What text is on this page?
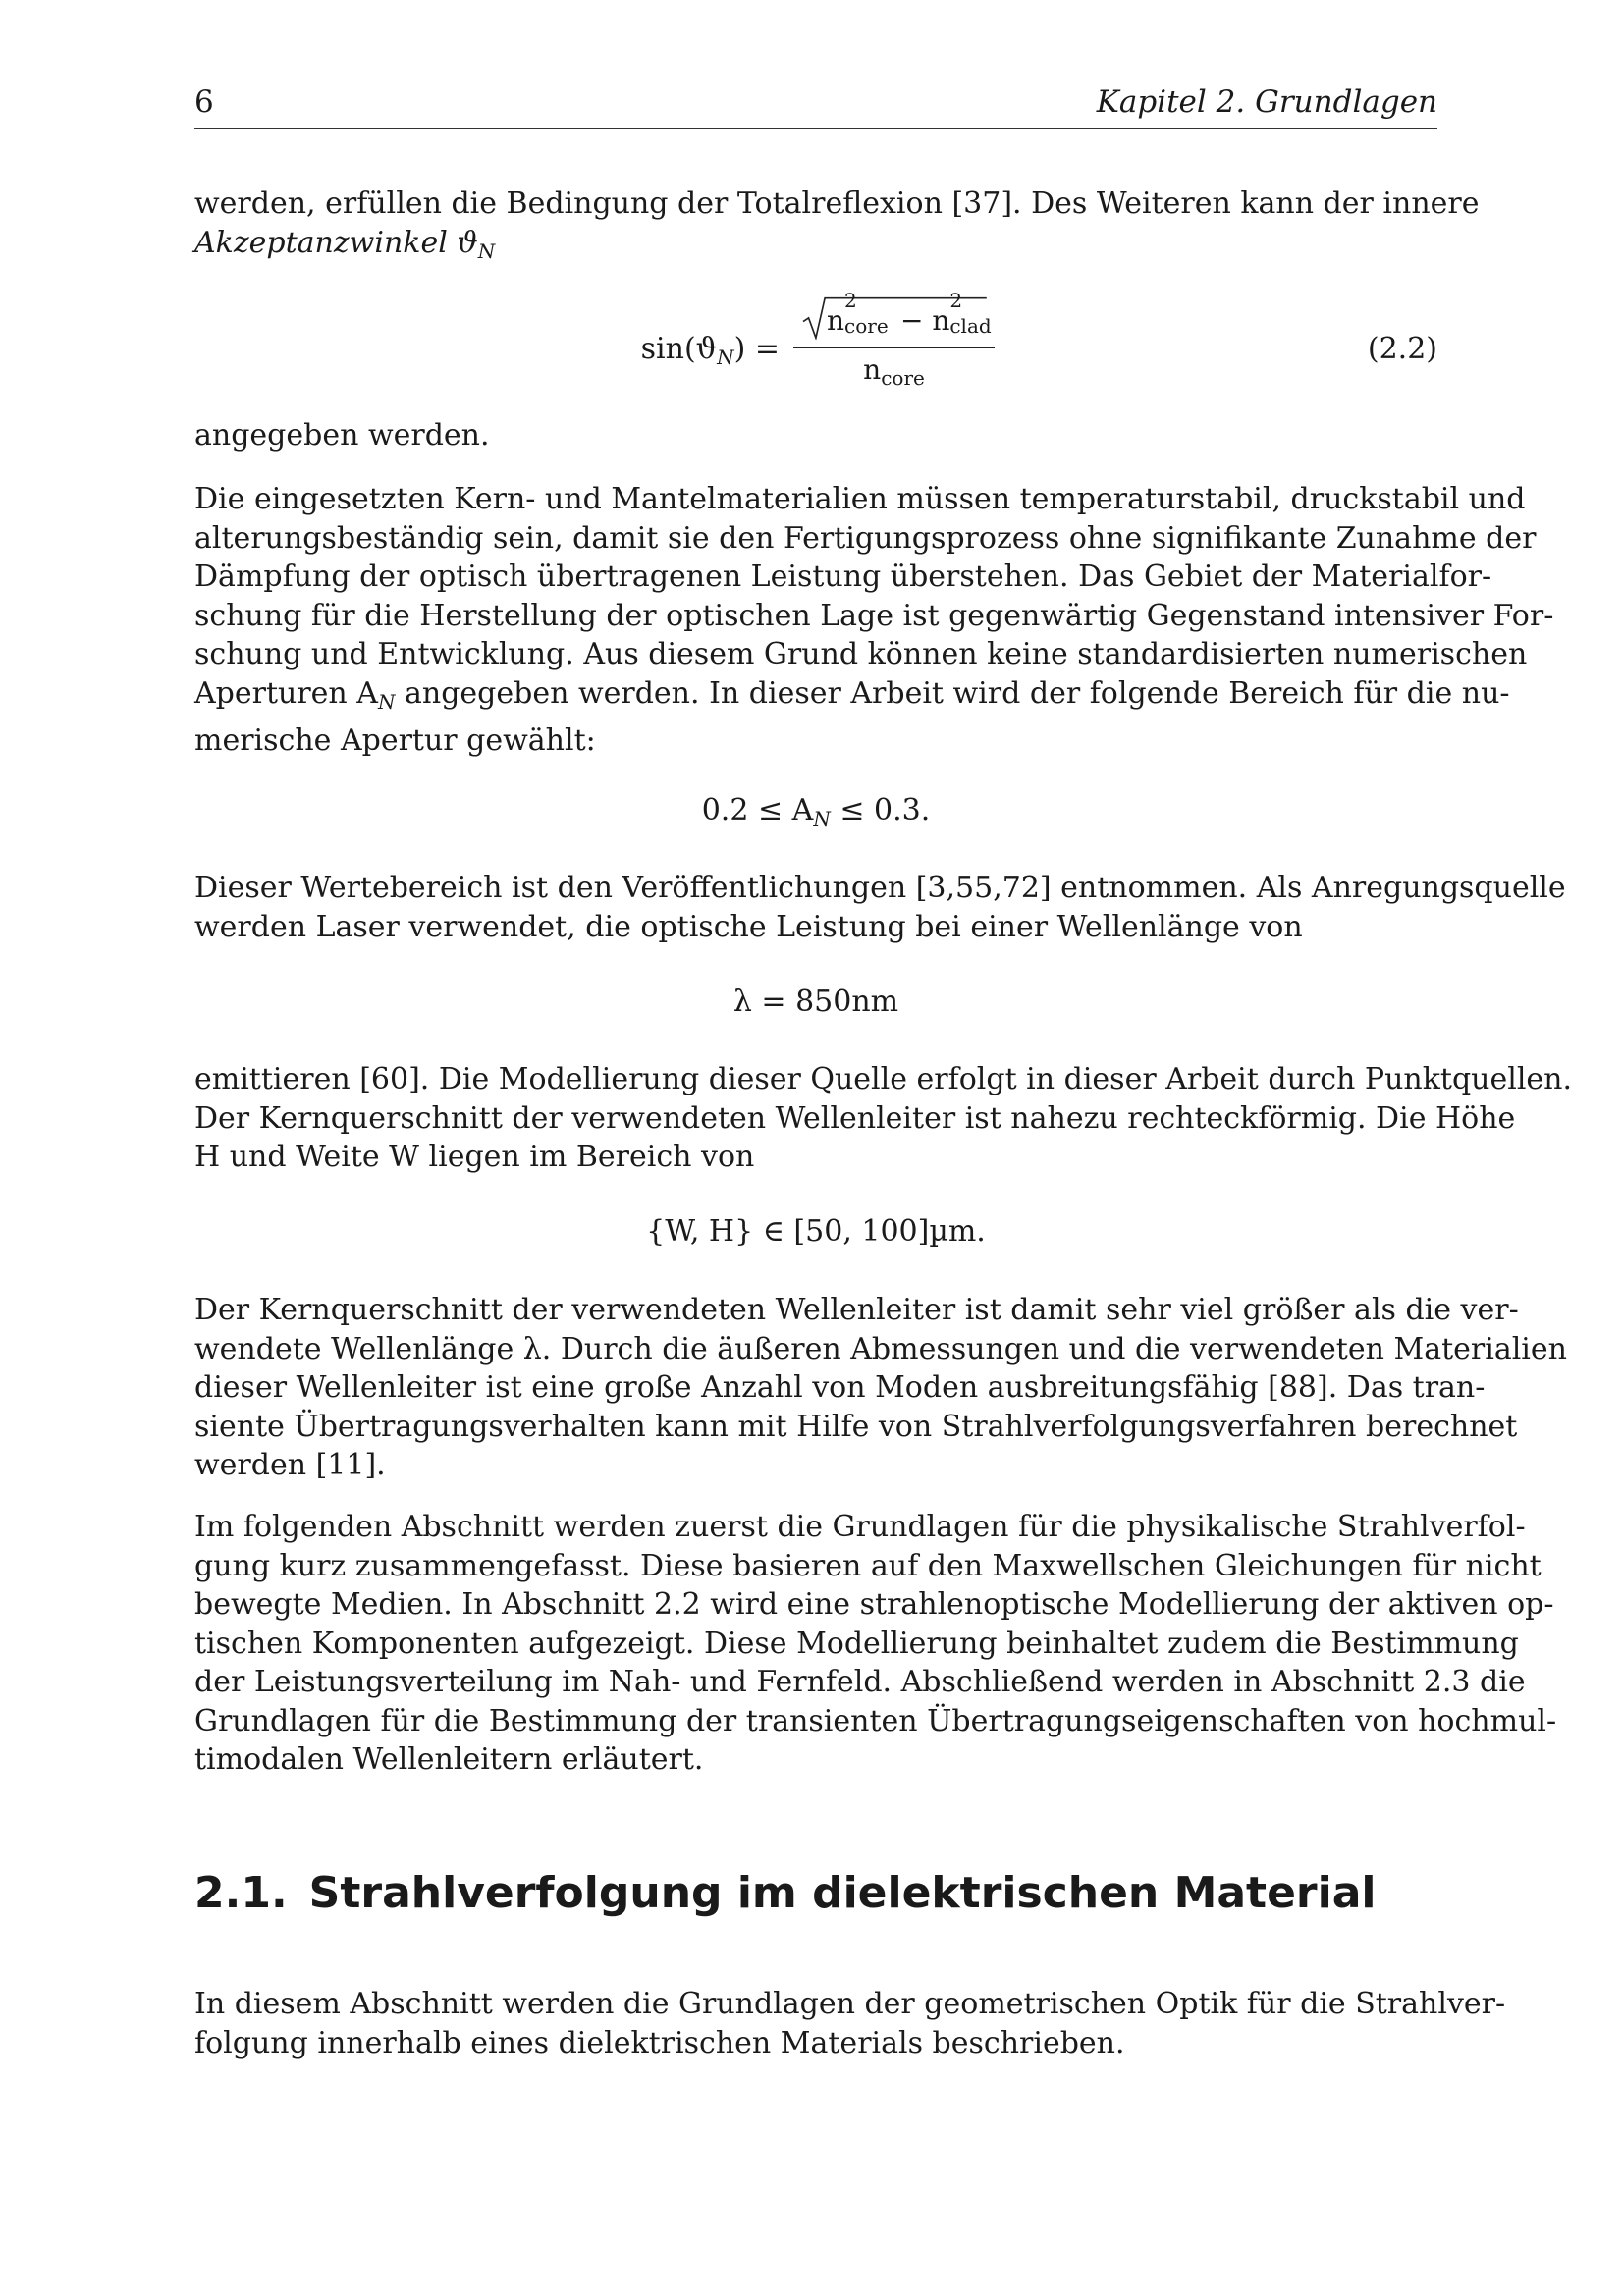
6	Kapitel 2. Grundlagen
werden, erfüllen die Bedingung der Totalreflexion [37]. Des Weiteren kann der innere
Akzeptanzwinkel $ϑ_N$
$\sin(ϑ_N)$ =
n
2
core − n
2
clad
$n_{core}$
(2.2)
angegeben werden.
Die eingesetzten Kern- und Mantelmaterialien müssen temperaturstabil, druckstabil und
alterungsbeständig sein, damit sie den Fertigungsprozess ohne signifikante Zunahme der
Dämpfung der optisch übertragenen Leistung überstehen. Das Gebiet der Materialfor-
schung für die Herstellung der optischen Lage ist gegenwärtig Gegenstand intensiver For-
schung und Entwicklung. Aus diesem Grund können keine standardisierten numerischen
Aperturen $A_N$ angegeben werden. In dieser Arbeit wird der folgende Bereich für die nu-
merische Apertur gewählt:
$0.2 \le A_N \le 0.3$.
Dieser Wertebereich ist den Veröffentlichungen [3,55,72] entnommen. Als Anregungsquelle
werden Laser verwendet, die optische Leistung bei einer Wellenlänge von
λ = 850nm
emittieren [60]. Die Modellierung dieser Quelle erfolgt in dieser Arbeit durch Punktquellen.
Der Kernquerschnitt der verwendeten Wellenleiter ist nahezu rechteckförmig. Die Höhe
H und Weite W liegen im Bereich von
{W, H} ∈ [50, 100]µm.
Der Kernquerschnitt der verwendeten Wellenleiter ist damit sehr viel größer als die ver-
wendete Wellenlänge λ. Durch die äußeren Abmessungen und die verwendeten Materialien
dieser Wellenleiter ist eine große Anzahl von Moden ausbreitungsfähig [88]. Das tran-
siente Übertragungsverhalten kann mit Hilfe von Strahlverfolgungsverfahren berechnet
werden [11].
Im folgenden Abschnitt werden zuerst die Grundlagen für die physikalische Strahlverfol-
gung kurz zusammengefasst. Diese basieren auf den Maxwellschen Gleichungen für nicht
bewegte Medien. In Abschnitt 2.2 wird eine strahlenoptische Modellierung der aktiven op-
tischen Komponenten aufgezeigt. Diese Modellierung beinhaltet zudem die Bestimmung
der Leistungsverteilung im Nah- und Fernfeld. Abschließend werden in Abschnitt 2.3 die
Grundlagen für die Bestimmung der transienten Übertragungseigenschaften von hochmul-
timodalen Wellenleitern erläutert.
2.1. Strahlverfolgung im dielektrischen Material
In diesem Abschnitt werden die Grundlagen der geometrischen Optik für die Strahlver-
folgung innerhalb eines dielektrischen Materials beschrieben.
